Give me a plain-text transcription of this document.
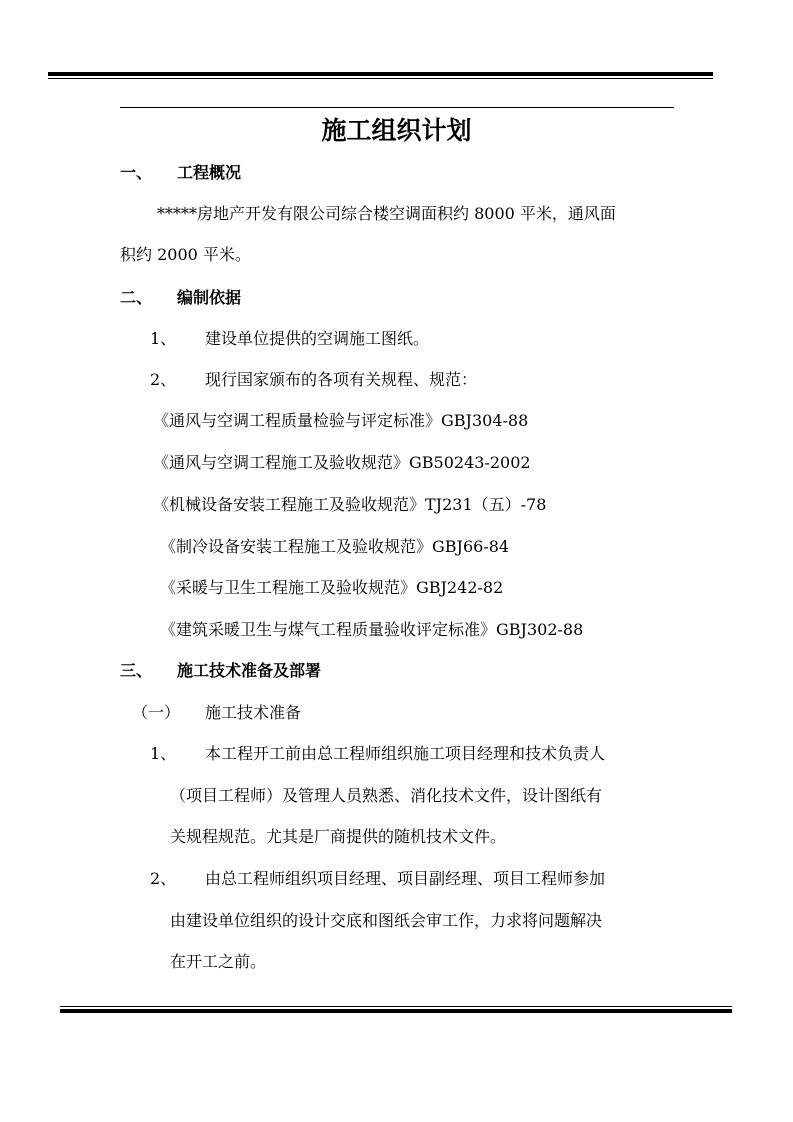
施工组织计划
一、 工程概况
*****房地产开发有限公司综合楼空调面积约 8000 平米，通风面
积约 2000 平米。
二、 编制依据
1、 建设单位提供的空调施工图纸。
2、 现行国家颁布的各项有关规程、规范：
《通风与空调工程质量检验与评定标准》GBJ304-88
《通风与空调工程施工及验收规范》GB50243-2002
《机械设备安装工程施工及验收规范》TJ231（五）-78
《制冷设备安装工程施工及验收规范》GBJ66-84
《采暖与卫生工程施工及验收规范》GBJ242-82
《建筑采暖卫生与煤气工程质量验收评定标准》GBJ302-88
三、 施工技术准备及部署
（一） 施工技术准备
1、 本工程开工前由总工程师组织施工项目经理和技术负责人
（项目工程师）及管理人员熟悉、消化技术文件，设计图纸有
关规程规范。尤其是厂商提供的随机技术文件。
2、 由总工程师组织项目经理、项目副经理、项目工程师参加
由建设单位组织的设计交底和图纸会审工作，力求将问题解决
在开工之前。
